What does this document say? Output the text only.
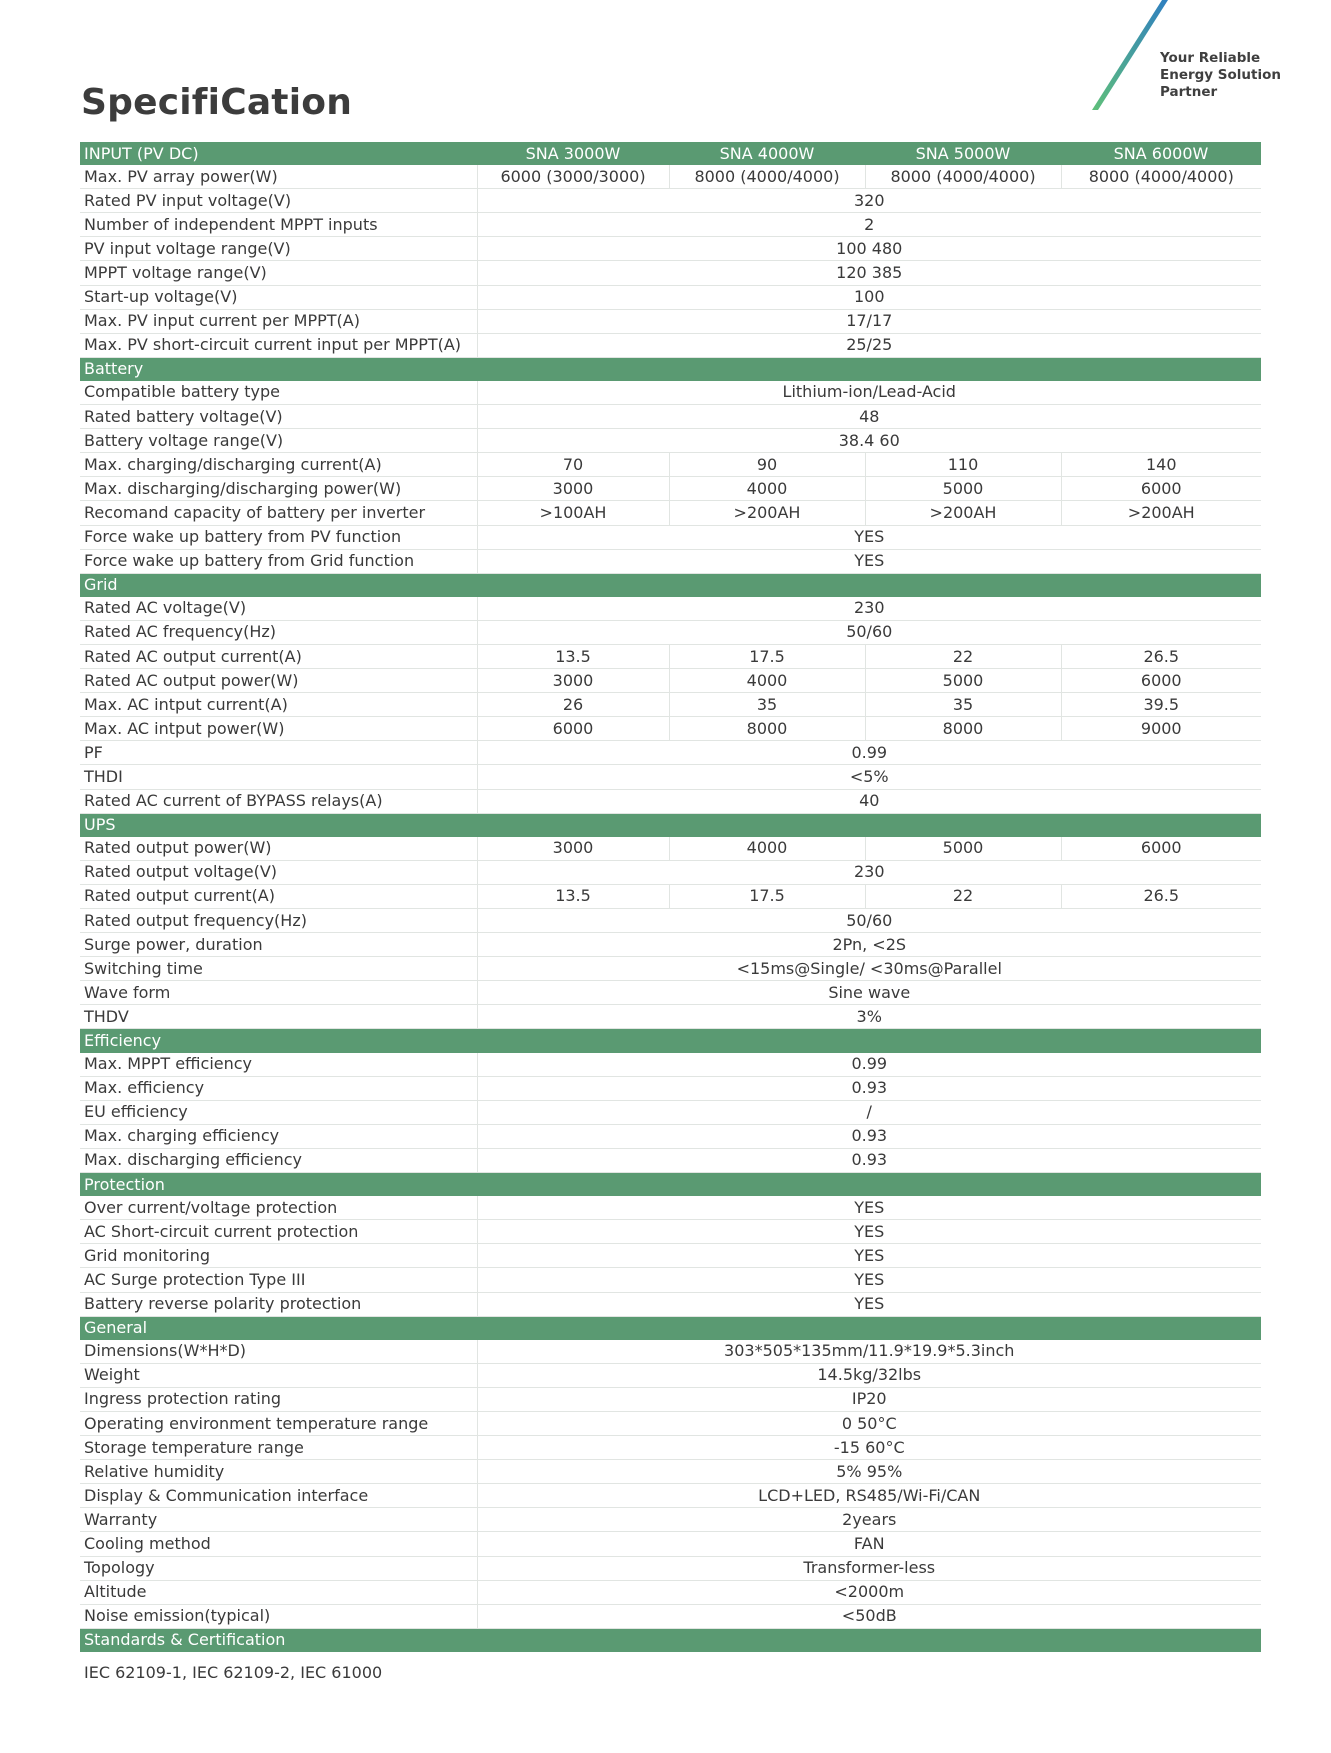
SpecifiCation
Your Reliable
Energy Solution
Partner
INPUT (PV DC)	SNA 3000W	SNA 4000W	SNA 5000W	SNA 6000W
Max. PV array power(W)	6000 (3000/3000)	8000 (4000/4000)	8000 (4000/4000)	8000 (4000/4000)
Rated PV input voltage(V)	320			
Number of independent MPPT inputs	2			
PV input voltage range(V)	100 480			
MPPT voltage range(V)	120 385			
Start-up voltage(V)	100			
Max. PV input current per MPPT(A)	17/17			
Max. PV short-circuit current input per MPPT(A)	25/25			
Battery				
Compatible battery type	Lithium-ion/Lead-Acid			
Rated battery voltage(V)	48			
Battery voltage range(V)	38.4 60			
Max. charging/discharging current(A)	70	90	110	140
Max. discharging/discharging power(W)	3000	4000	5000	6000
Recomand capacity of battery per inverter	>100AH	>200AH	>200AH	>200AH
Force wake up battery from PV function	YES			
Force wake up battery from Grid function	YES			
Grid				
Rated AC voltage(V)	230			
Rated AC frequency(Hz)	50/60			
Rated AC output current(A)	13.5	17.5	22	26.5
Rated AC output power(W)	3000	4000	5000	6000
Max. AC intput current(A)	26	35	35	39.5
Max. AC intput power(W)	6000	8000	8000	9000
PF	0.99			
THDI	<5%			
Rated AC current of BYPASS relays(A)	40			
UPS				
Rated output power(W)	3000	4000	5000	6000
Rated output voltage(V)	230			
Rated output current(A)	13.5	17.5	22	26.5
Rated output frequency(Hz)	50/60			
Surge power, duration	2Pn, <2S			
Switching time	<15ms@Single/ <30ms@Parallel			
Wave form	Sine wave			
THDV	3%			
Efficiency				
Max. MPPT efficiency	0.99			
Max. efficiency	0.93			
EU efficiency	/			
Max. charging efficiency	0.93			
Max. discharging efficiency	0.93			
Protection				
Over current/voltage protection	YES			
AC Short-circuit current protection	YES			
Grid monitoring	YES			
AC Surge protection Type III	YES			
Battery reverse polarity protection	YES			
General				
Dimensions(W*H*D)	303*505*135mm/11.9*19.9*5.3inch			
Weight	14.5kg/32lbs			
Ingress protection rating	IP20			
Operating environment temperature range	0 50°C			
Storage temperature range	-15 60°C			
Relative humidity	5% 95%			
Display & Communication interface	LCD+LED, RS485/Wi-Fi/CAN			
Warranty	2years			
Cooling method	FAN			
Topology	Transformer-less			
Altitude	<2000m			
Noise emission(typical)	<50dB			
Standards & Certification				
IEC 62109-1, IEC 62109-2, IEC 61000
